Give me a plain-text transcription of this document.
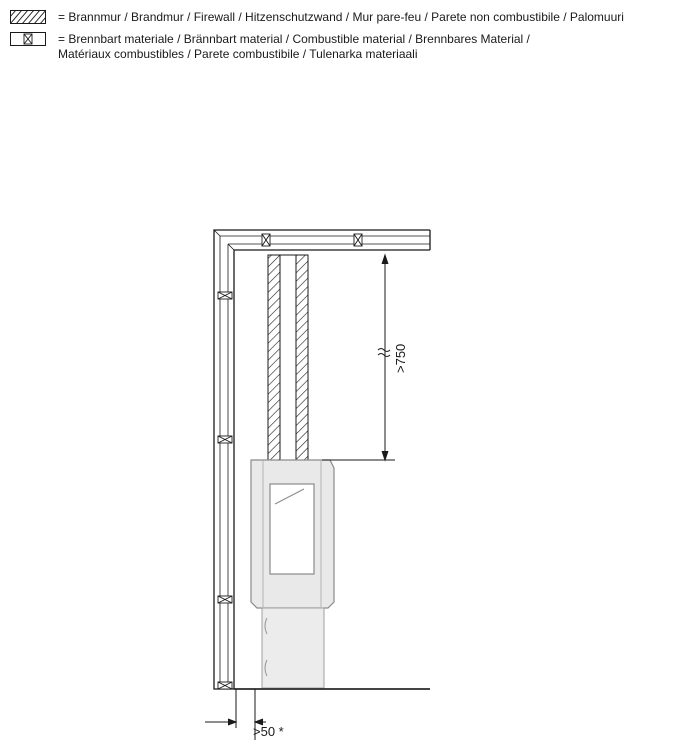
= Brannmur / Brandmur / Firewall / Hitzenschutzwand / Mur pare-feu / Parete non combustibile / Palomuuri
= Brennbart materiale / Brännbart material / Combustible material / Brennbares Material /
Matériaux combustibles / Parete combustibile / Tulenarka materiaali
>750
>50 *
